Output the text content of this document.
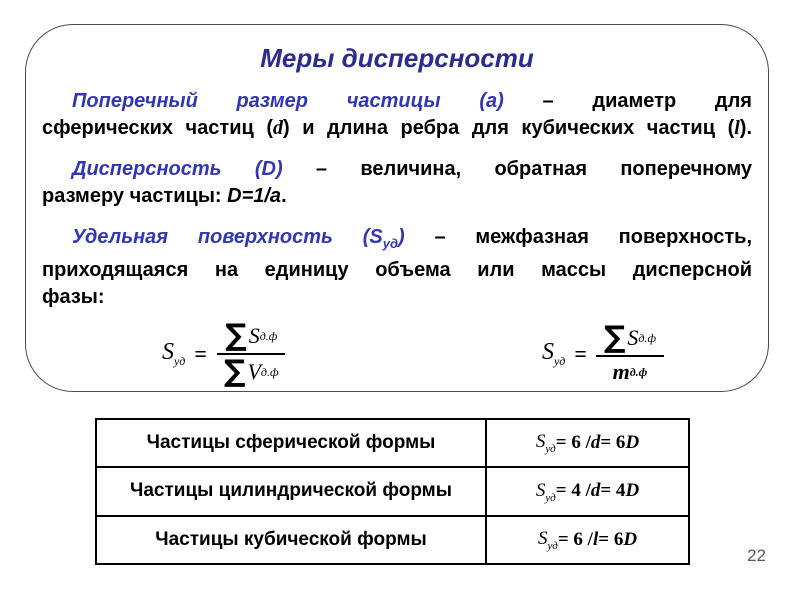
Меры дисперсности
Поперечный размер частицы (а) – диаметр для
сферических частиц (d) и длина ребра для кубических частиц (l).
Дисперсность (D) – величина, обратная поперечному
размеру частицы: D=1/a.
Удельная поверхность $(S_{уд})$ – межфазная поверхность,
приходящаяся на единицу объема или массы дисперсной
фазы:
$S_{уд} = \frac{\text{∑ S д.ф}}{\text{∑ V д.ф}}$	$S_{уд} = \frac{\text{∑ S д.ф}}{\text{m д.ф}}$
Частицы сферической формы	$S_{уд} = 6 / d = 6$ D
Частицы цилиндрической формы	$S_{уд} = 4 / d = 4$ D
Частицы кубической формы	$S_{уд} = 6 / l = 6$ D
22
